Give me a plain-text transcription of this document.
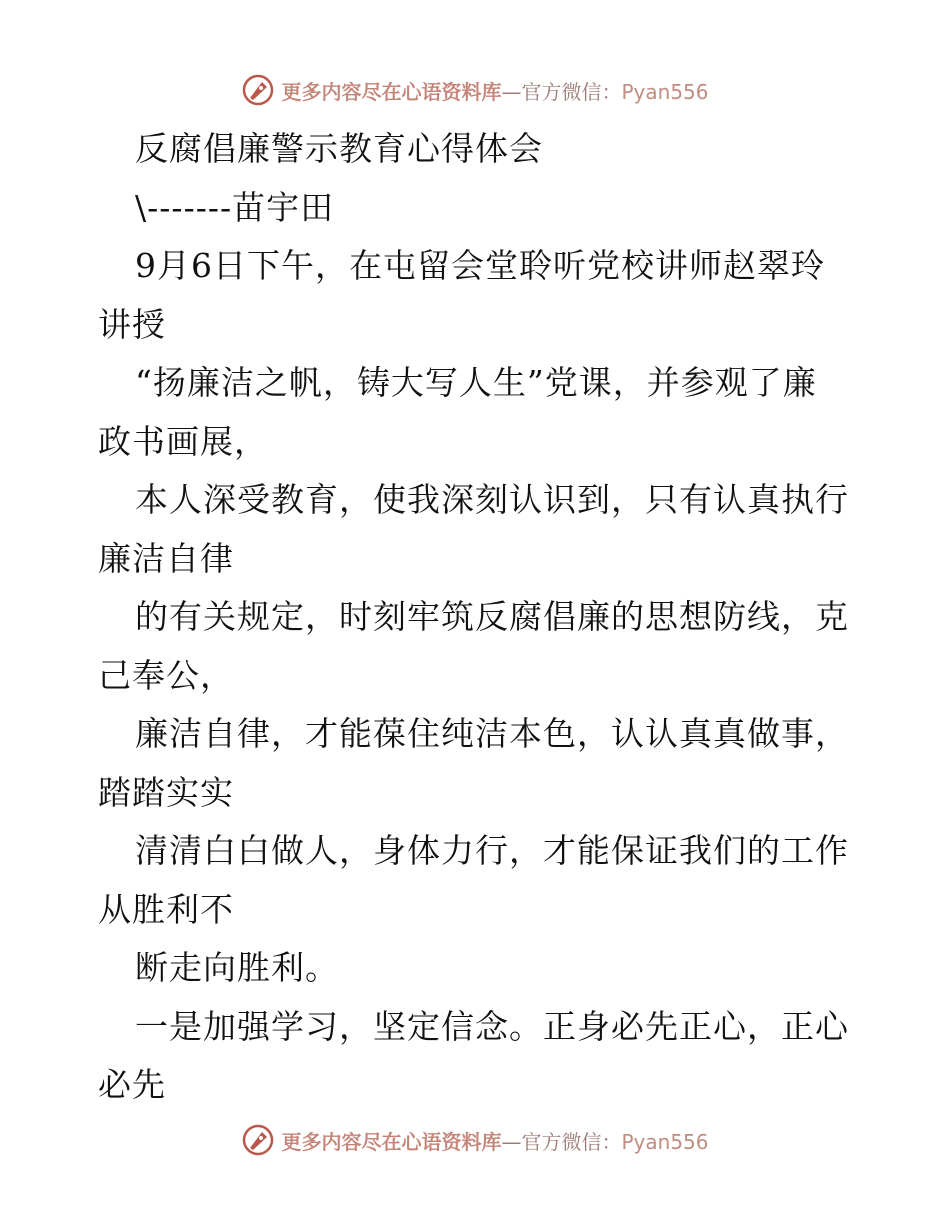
更多内容尽在心语资料库—官方微信：Pyan556
反腐倡廉警示教育心得体会
\-------苗宇田
9月6日下午，在屯留会堂聆听党校讲师赵翠玲
讲授
“扬廉洁之帆，铸大写人生”党课，并参观了廉
政书画展，
本人深受教育，使我深刻认识到，只有认真执行
廉洁自律
的有关规定，时刻牢筑反腐倡廉的思想防线，克
己奉公，
廉洁自律，才能葆住纯洁本色，认认真真做事，
踏踏实实
清清白白做人，身体力行，才能保证我们的工作
从胜利不
断走向胜利。
一是加强学习，坚定信念。正身必先正心，正心
必先
更多内容尽在心语资料库—官方微信：Pyan556
